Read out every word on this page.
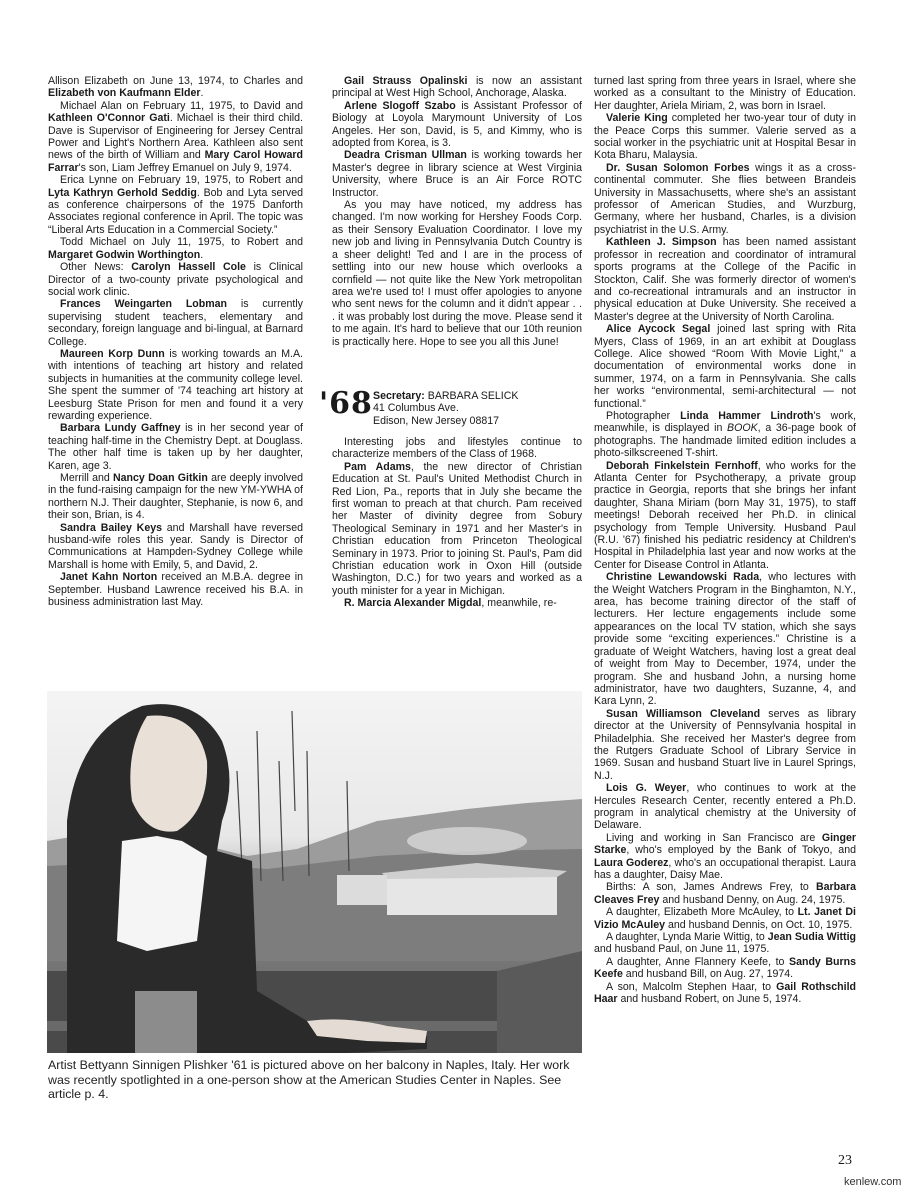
Allison Elizabeth on June 13, 1974, to Charles and Elizabeth von Kaufmann Elder.

Michael Alan on February 11, 1975, to David and Kathleen O'Connor Gati. Michael is their third child. Dave is Supervisor of Engineering for Jersey Central Power and Light's Northern Area. Kathleen also sent news of the birth of William and Mary Carol Howard Farrar's son, Liam Jeffrey Emanuel on July 9, 1974.

Erica Lynne on February 19, 1975, to Robert and Lyta Kathryn Gerhold Seddig. Bob and Lyta served as conference chairpersons of the 1975 Danforth Associates regional conference in April. The topic was “Liberal Arts Education in a Commercial Society.”

Todd Michael on July 11, 1975, to Robert and Margaret Godwin Worthington.

Other News: Carolyn Hassell Cole is Clinical Director of a two-county private psychological and social work clinic.

Frances Weingarten Lobman is currently supervising student teachers, elementary and secondary, foreign language and bi-lingual, at Barnard College.

Maureen Korp Dunn is working towards an M.A. with intentions of teaching art history and related subjects in humanities at the community college level. She spent the summer of '74 teaching art history at Leesburg State Prison for men and found it a very rewarding experience.

Barbara Lundy Gaffney is in her second year of teaching half-time in the Chemistry Dept. at Douglass. The other half time is taken up by her daughter, Karen, age 3.

Merrill and Nancy Doan Gitkin are deeply involved in the fund-raising campaign for the new YM-YWHA of northern N.J. Their daughter, Stephanie, is now 6, and their son, Brian, is 4.

Sandra Bailey Keys and Marshall have reversed husband-wife roles this year. Sandy is Director of Communications at Hampden-Sydney College while Marshall is home with Emily, 5, and David, 2.

Janet Kahn Norton received an M.B.A. degree in September. Husband Lawrence received his B.A. in business administration last May.

Gail Strauss Opalinski is now an assistant principal at West High School, Anchorage, Alaska.

Arlene Slogoff Szabo is Assistant Professor of Biology at Loyola Marymount University of Los Angeles. Her son, David, is 5, and Kimmy, who is adopted from Korea, is 3.

Deadra Crisman Ullman is working towards her Master's degree in library science at West Virginia University, where Bruce is an Air Force ROTC Instructor.

As you may have noticed, my address has changed. I'm now working for Hershey Foods Corp. as their Sensory Evaluation Coordinator. I love my new job and living in Pennsylvania Dutch Country is a sheer delight! Ted and I are in the process of settling into our new house which overlooks a cornfield — not quite like the New York metropolitan area we're used to! I must offer apologies to anyone who sent news for the column and it didn't appear . . . it was probably lost during the move. Please send it to me again. It's hard to believe that our 10th reunion is practically here. Hope to see you all this June!

'68 Secretary: BARBARA SELICK
41 Columbus Ave.
Edison, New Jersey 08817

Interesting jobs and lifestyles continue to characterize members of the Class of 1968.

Pam Adams, the new director of Christian Education at St. Paul's United Methodist Church in Red Lion, Pa., reports that in July she became the first woman to preach at that church. Pam received her Master of divinity degree from Sobury Theological Seminary in 1971 and her Master's in Christian education from Princeton Theological Seminary in 1973. Prior to joining St. Paul's, Pam did Christian education work in Oxon Hill (outside Washington, D.C.) for two years and worked as a youth minister for a year in Michigan.

R. Marcia Alexander Migdal, meanwhile, re-

turned last spring from three years in Israel, where she worked as a consultant to the Ministry of Education. Her daughter, Ariela Miriam, 2, was born in Israel.

Valerie King completed her two-year tour of duty in the Peace Corps this summer. Valerie served as a social worker in the psychiatric unit at Hospital Besar in Kota Bharu, Malaysia.

Dr. Susan Solomon Forbes wings it as a cross-continental commuter. She flies between Brandeis University in Massachusetts, where she's an assistant professor of American Studies, and Wurzburg, Germany, where her husband, Charles, is a division psychiatrist in the U.S. Army.

Kathleen J. Simpson has been named assistant professor in recreation and coordinator of intramural sports programs at the College of the Pacific in Stockton, Calif. She was formerly director of women's and co-recreational intramurals and an instructor in physical education at Duke University. She received a Master's degree at the University of North Carolina.

Alice Aycock Segal joined last spring with Rita Myers, Class of 1969, in an art exhibit at Douglass College. Alice showed “Room With Movie Light,” a documentation of environmental works done in summer, 1974, on a farm in Pennsylvania. She calls her works “environmental, semi-architectural — not functional.”

Photographer Linda Hammer Lindroth's work, meanwhile, is displayed in BOOK, a 36-page book of photographs. The handmade limited edition includes a photo-silkscreened T-shirt.

Deborah Finkelstein Fernhoff, who works for the Atlanta Center for Psychotherapy, a private group practice in Georgia, reports that she brings her infant daughter, Shana Miriam (born May 31, 1975), to staff meetings! Deborah received her Ph.D. in clinical psychology from Temple University. Husband Paul (R.U. '67) finished his pediatric residency at Children's Hospital in Philadelphia last year and now works at the Center for Disease Control in Atlanta.

Christine Lewandowski Rada, who lectures with the Weight Watchers Program in the Binghamton, N.Y., area, has become training director of the staff of lecturers. Her lecture engagements include some appearances on the local TV station, which she says provide some “exciting experiences.” Christine is a graduate of Weight Watchers, having lost a great deal of weight from May to December, 1974, under the program. She and husband John, a nursing home administrator, have two daughters, Suzanne, 4, and Kara Lynn, 2.

Susan Williamson Cleveland serves as library director at the University of Pennsylvania hospital in Philadelphia. She received her Master's degree from the Rutgers Graduate School of Library Service in 1969. Susan and husband Stuart live in Laurel Springs, N.J.

Lois G. Weyer, who continues to work at the Hercules Research Center, recently entered a Ph.D. program in analytical chemistry at the University of Delaware.

Living and working in San Francisco are Ginger Starke, who's employed by the Bank of Tokyo, and Laura Goderez, who's an occupational therapist. Laura has a daughter, Daisy Mae.

Births: A son, James Andrews Frey, to Barbara Cleaves Frey and husband Denny, on Aug. 24, 1975.

A daughter, Elizabeth More McAuley, to Lt. Janet Di Vizio McAuley and husband Dennis, on Oct. 10, 1975.

A daughter, Lynda Marie Wittig, to Jean Sudia Wittig and husband Paul, on June 11, 1975.

A daughter, Anne Flannery Keefe, to Sandy Burns Keefe and husband Bill, on Aug. 27, 1974.

A son, Malcolm Stephen Haar, to Gail Rothschild Haar and husband Robert, on June 5, 1974.

Artist Bettyann Sinnigen Plishker '61 is pictured above on her balcony in Naples, Italy. Her work was recently spotlighted in a one-person show at the American Studies Center in Naples. See article p. 4.
23
kenlew.com
